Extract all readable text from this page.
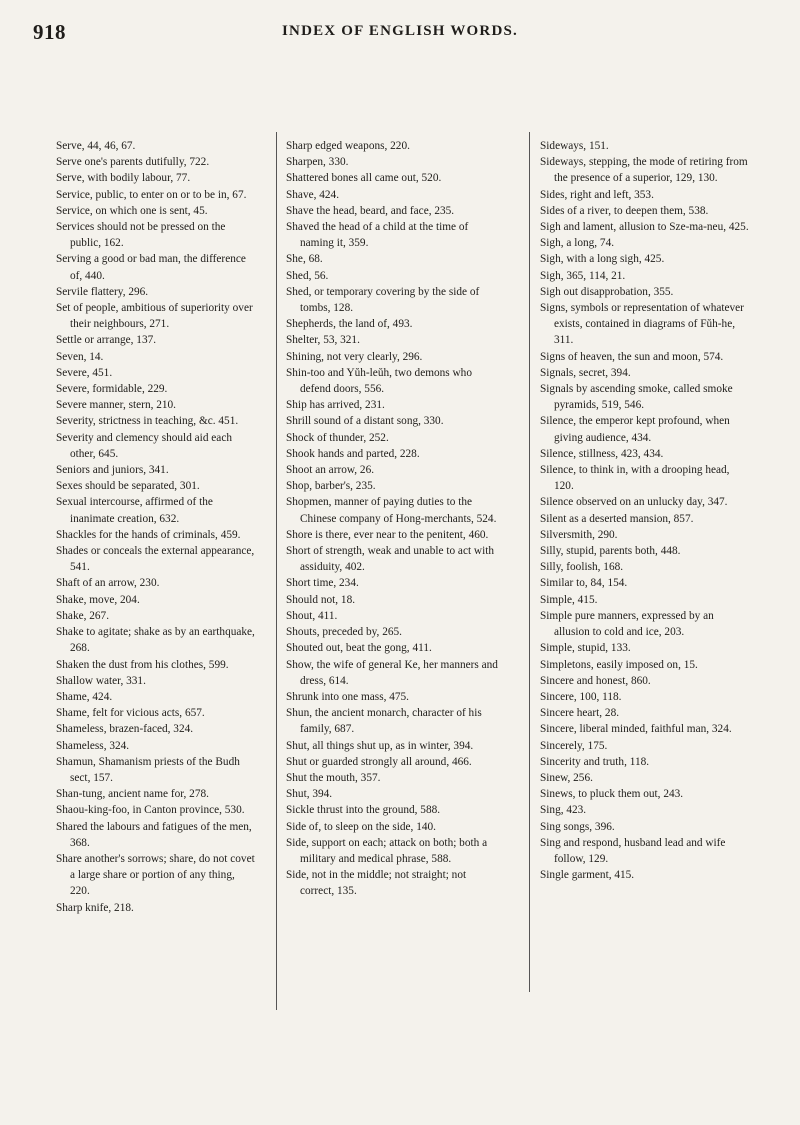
918	INDEX OF ENGLISH WORDS.

Serve, 44, 46, 67.

Serve one's parents dutifully, 722.

Serve, with bodily labour, 77.

Service, public, to enter on or to be in, 67.

Service, on which one is sent, 45.

Services should not be pressed on the public, 162.

Serving a good or bad man, the difference of, 440.

Servile flattery, 296.

Set of people, ambitious of superiority over their neighbours, 271.

Settle or arrange, 137.

Seven, 14.

Severe, 451.

Severe, formidable, 229.

Severe manner, stern, 210.

Severity, strictness in teaching, &c. 451.

Severity and clemency should aid each other, 645.

Seniors and juniors, 341.

Sexes should be separated, 301.

Sexual intercourse, affirmed of the inanimate creation, 632.

Shackles for the hands of criminals, 459.

Shades or conceals the external appearance, 541.

Shaft of an arrow, 230.

Shake, move, 204.

Shake, 267.

Shake to agitate; shake as by an earthquake, 268.

Shaken the dust from his clothes, 599.

Shallow water, 331.

Shame, 424.

Shame, felt for vicious acts, 657.

Shameless, brazen-faced, 324.

Shameless, 324.

Shamun, Shamanism priests of the Budh sect, 157.

Shan-tung, ancient name for, 278.

Shaou-king-foo, in Canton province, 530.

Shared the labours and fatigues of the men, 368.

Share another's sorrows; share, do not covet a large share or portion of any thing, 220.

Sharp knife, 218.

Sharp edged weapons, 220.

Sharpen, 330.

Shattered bones all came out, 520.

Shave, 424.

Shave the head, beard, and face, 235.

Shaved the head of a child at the time of naming it, 359.

She, 68.

Shed, 56.

Shed, or temporary covering by the side of tombs, 128.

Shepherds, the land of, 493.

Shelter, 53, 321.

Shining, not very clearly, 296.

Shin-too and Yŭh-leŭh, two demons who defend doors, 556.

Ship has arrived, 231.

Shrill sound of a distant song, 330.

Shock of thunder, 252.

Shook hands and parted, 228.

Shoot an arrow, 26.

Shop, barber's, 235.

Shopmen, manner of paying duties to the Chinese company of Hong-merchants, 524.

Shore is there, ever near to the penitent, 460.

Short of strength, weak and unable to act with assiduity, 402.

Short time, 234.

Should not, 18.

Shout, 411.

Shouts, preceded by, 265.

Shouted out, beat the gong, 411.

Show, the wife of general Ke, her manners and dress, 614.

Shrunk into one mass, 475.

Shun, the ancient monarch, character of his family, 687.

Shut, all things shut up, as in winter, 394.

Shut or guarded strongly all around, 466.

Shut the mouth, 357.

Shut, 394.

Sickle thrust into the ground, 588.

Side of, to sleep on the side, 140.

Side, support on each; attack on both; both a military and medical phrase, 588.

Side, not in the middle; not straight; not correct, 135.

Sideways, 151.

Sideways, stepping, the mode of retiring from the presence of a superior, 129, 130.

Sides, right and left, 353.

Sides of a river, to deepen them, 538.

Sigh and lament, allusion to Sze-ma-neu, 425.

Sigh, a long, 74.

Sigh, with a long sigh, 425.

Sigh, 365, 114, 21.

Sigh out disapprobation, 355.

Signs, symbols or representation of whatever exists, contained in diagrams of Fŭh-he, 311.

Signs of heaven, the sun and moon, 574.

Signals, secret, 394.

Signals by ascending smoke, called smoke pyramids, 519, 546.

Silence, the emperor kept profound, when giving audience, 434.

Silence, stillness, 423, 434.

Silence, to think in, with a drooping head, 120.

Silence observed on an unlucky day, 347.

Silent as a deserted mansion, 857.

Silversmith, 290.

Silly, stupid, parents both, 448.

Silly, foolish, 168.

Similar to, 84, 154.

Simple, 415.

Simple pure manners, expressed by an allusion to cold and ice, 203.

Simple, stupid, 133.

Simpletons, easily imposed on, 15.

Sincere and honest, 860.

Sincere, 100, 118.

Sincere heart, 28.

Sincere, liberal minded, faithful man, 324.

Sincerely, 175.

Sincerity and truth, 118.

Sinew, 256.

Sinews, to pluck them out, 243.

Sing, 423.

Sing songs, 396.

Sing and respond, husband lead and wife follow, 129.

Single garment, 415.
